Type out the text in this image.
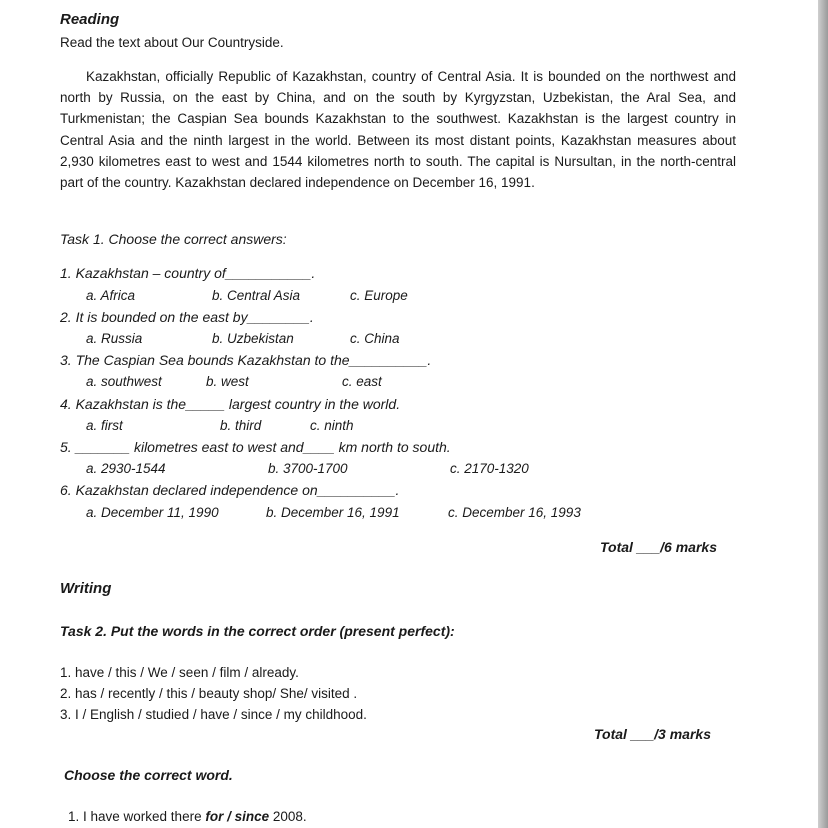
Reading
Read the text about Our Countryside.
Kazakhstan, officially Republic of Kazakhstan, country of Central Asia. It is bounded on the northwest and north by Russia, on the east by China, and on the south by Kyrgyzstan, Uzbekistan, the Aral Sea, and Turkmenistan; the Caspian Sea bounds Kazakhstan to the southwest. Kazakhstan is the largest country in Central Asia and the ninth largest in the world. Between its most distant points, Kazakhstan measures about 2,930 kilometres east to west and 1544 kilometres north to south. The capital is Nursultan, in the north-central part of the country. Kazakhstan declared independence on December 16, 1991.
Task 1. Choose the correct answers:
1. Kazakhstan – country of___________.
a. Africa	b. Central Asia	c. Europe
2. It is bounded on the east by________.
a. Russia	b. Uzbekistan	c. China
3. The Caspian Sea bounds Kazakhstan to the__________.
a. southwest	b. west	c. east
4. Kazakhstan is the_____ largest country in the world.
a. first	b. third	c. ninth
5. _______ kilometres east to west and____ km north to south.
a. 2930-1544	b. 3700-1700	c. 2170-1320
6. Kazakhstan declared independence on__________.
a. December 11, 1990	b. December 16, 1991	c. December 16, 1993
Total ___/6 marks
Writing
Task 2. Put the words in the correct order (present perfect):
1. have / this / We / seen / film / already.
2. has / recently / this / beauty shop/ She/ visited .
3. I / English / studied / have / since / my childhood.
Total ___/3 marks
Choose the correct word.
1. I have worked there for / since 2008.
